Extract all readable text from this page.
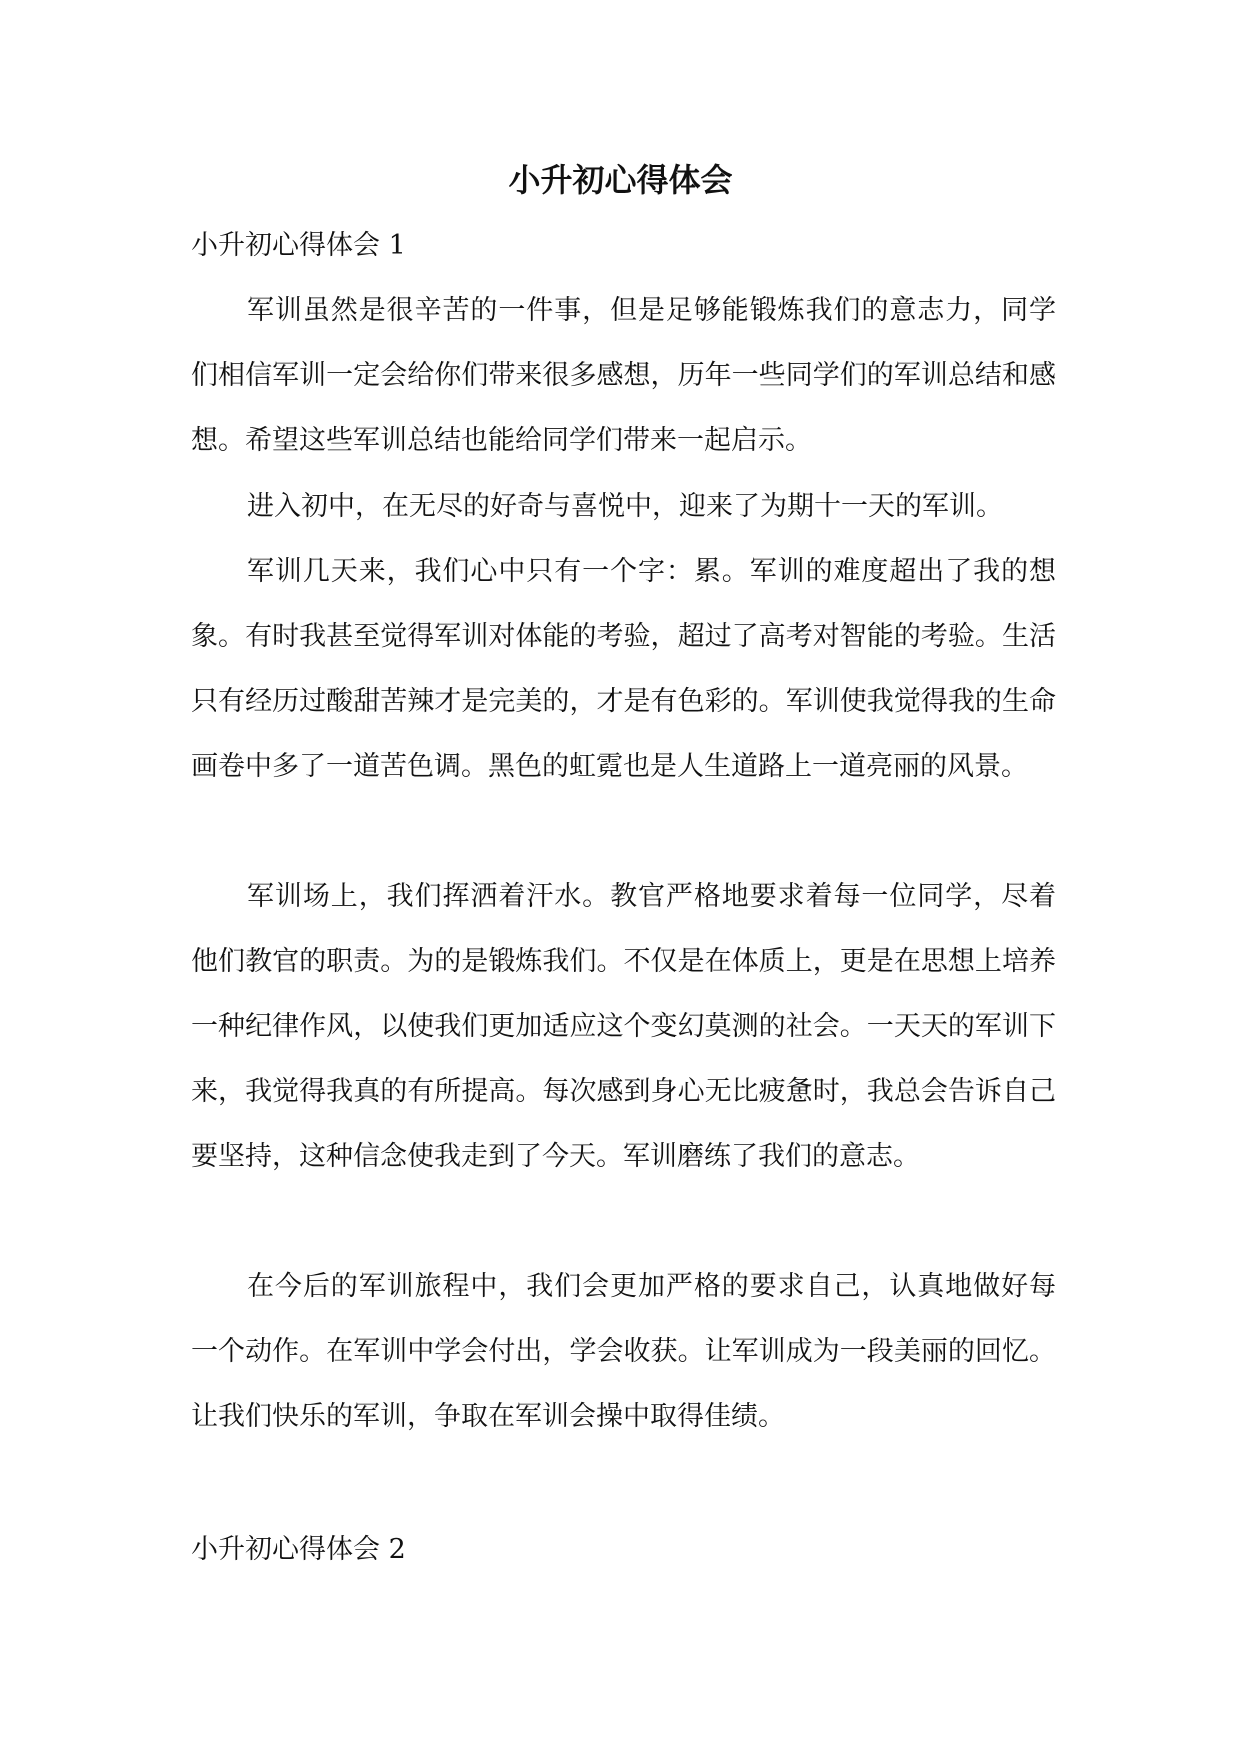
小升初心得体会
小升初心得体会 1

军训虽然是很辛苦的一件事，但是足够能锻炼我们的意志力，同学们相信军训一定会给你们带来很多感想，历年一些同学们的军训总结和感想。希望这些军训总结也能给同学们带来一起启示。

进入初中，在无尽的好奇与喜悦中，迎来了为期十一天的军训。

军训几天来，我们心中只有一个字：累。军训的难度超出了我的想象。有时我甚至觉得军训对体能的考验，超过了高考对智能的考验。生活只有经历过酸甜苦辣才是完美的，才是有色彩的。军训使我觉得我的生命画卷中多了一道苦色调。黑色的虹霓也是人生道路上一道亮丽的风景。

军训场上，我们挥洒着汗水。教官严格地要求着每一位同学，尽着他们教官的职责。为的是锻炼我们。不仅是在体质上，更是在思想上培养一种纪律作风，以使我们更加适应这个变幻莫测的社会。一天天的军训下来，我觉得我真的有所提高。每次感到身心无比疲惫时，我总会告诉自己要坚持，这种信念使我走到了今天。军训磨练了我们的意志。

在今后的军训旅程中，我们会更加严格的要求自己，认真地做好每一个动作。在军训中学会付出，学会收获。让军训成为一段美丽的回忆。让我们快乐的军训，争取在军训会操中取得佳绩。

小升初心得体会 2
